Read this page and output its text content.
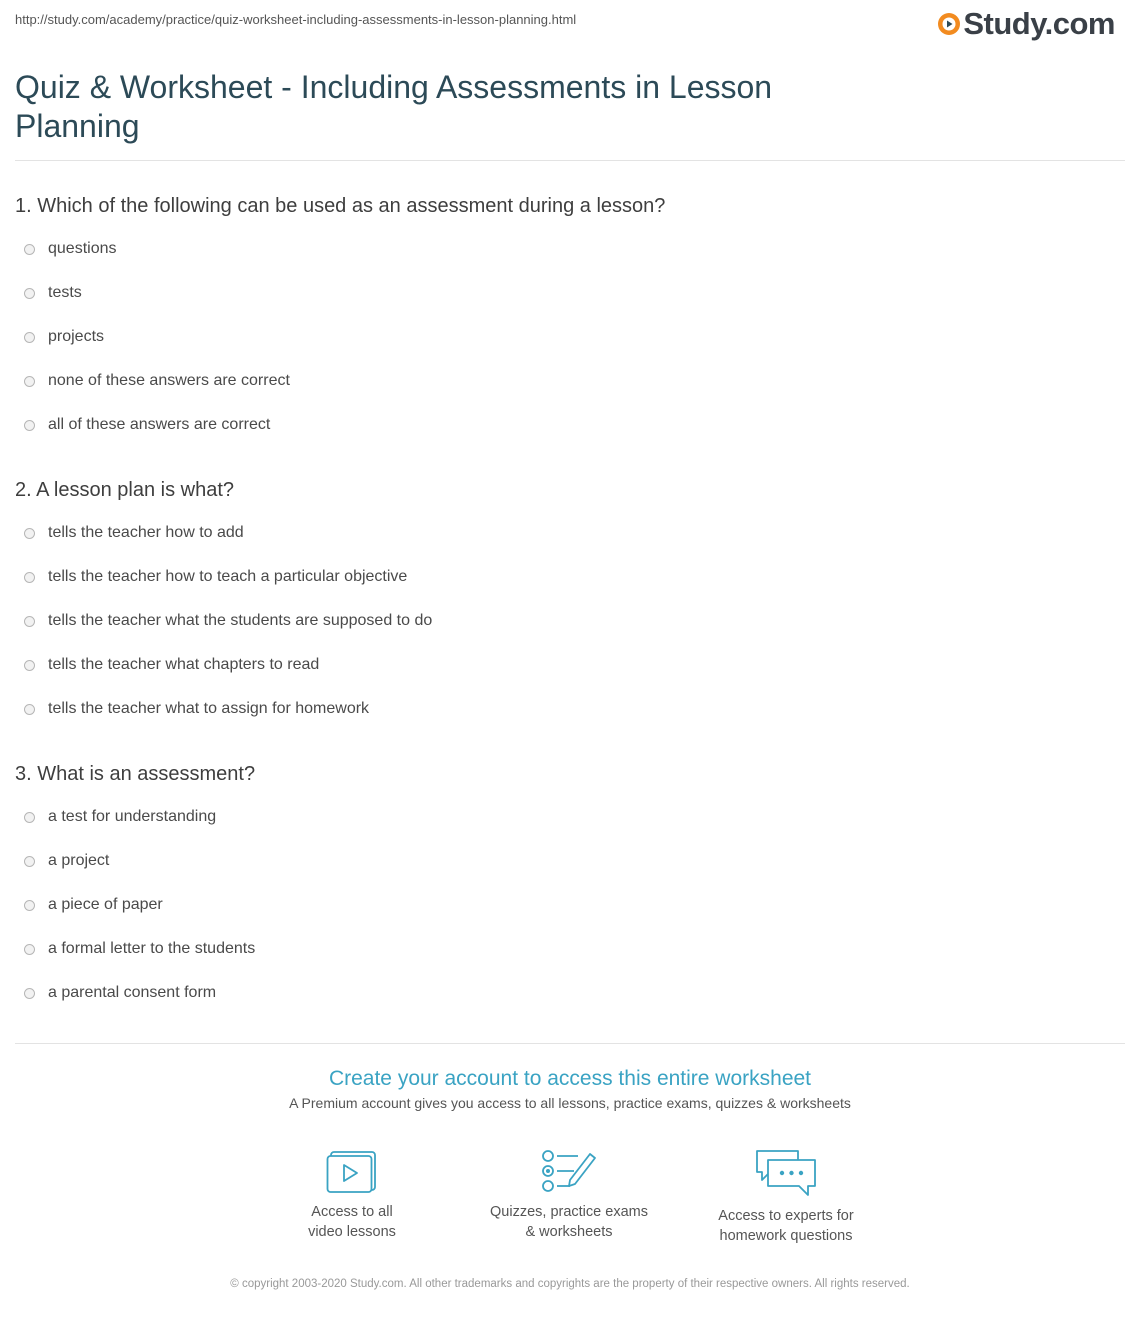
http://study.com/academy/practice/quiz-worksheet-including-assessments-in-lesson-planning.html	Study.com
Quiz & Worksheet - Including Assessments in Lesson Planning
1. Which of the following can be used as an assessment during a lesson?
questions
tests
projects
none of these answers are correct
all of these answers are correct
2. A lesson plan is what?
tells the teacher how to add
tells the teacher how to teach a particular objective
tells the teacher what the students are supposed to do
tells the teacher what chapters to read
tells the teacher what to assign for homework
3. What is an assessment?
a test for understanding
a project
a piece of paper
a formal letter to the students
a parental consent form
Create your account to access this entire worksheet
A Premium account gives you access to all lessons, practice exams, quizzes & worksheets
Access to all
video lessons
Quizzes, practice exams
& worksheets
Access to experts for
homework questions
© copyright 2003-2020 Study.com. All other trademarks and copyrights are the property of their respective owners. All rights reserved.
